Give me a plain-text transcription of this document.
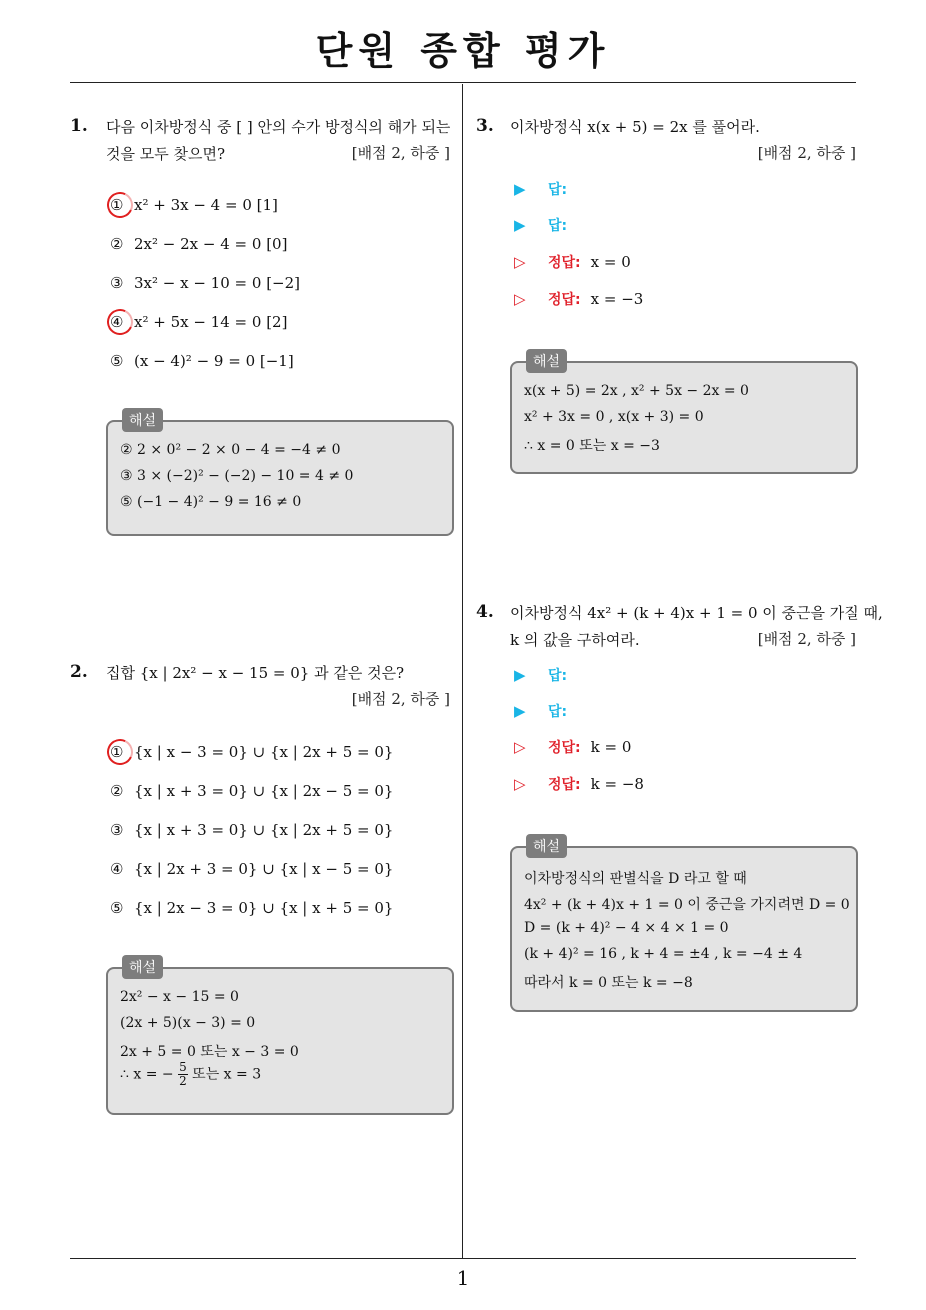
단원 종합 평가
1
1. 다음 이차방정식 중 [ ] 안의 수가 방정식의 해가 되는
것을 모두 찾으면?	[배점 2, 하중 ]
① x² + 3x − 4 = 0 [1]
② 2x² − 2x − 4 = 0 [0]
③ 3x² − x − 10 = 0 [−2]
④ x² + 5x − 14 = 0 [2]
⑤ (x − 4)² − 9 = 0 [−1]
해설
② 2 × 0² − 2 × 0 − 4 = −4 ≠ 0
③ 3 × (−2)² − (−2) − 10 = 4 ≠ 0
⑤ (−1 − 4)² − 9 = 16 ≠ 0
2. 집합 {x | 2x² − x − 15 = 0} 과 같은 것은?
[배점 2, 하중 ]
① {x | x − 3 = 0} ∪ {x | 2x + 5 = 0}
② {x | x + 3 = 0} ∪ {x | 2x − 5 = 0}
③ {x | x + 3 = 0} ∪ {x | 2x + 5 = 0}
④ {x | 2x + 3 = 0} ∪ {x | x − 5 = 0}
⑤ {x | 2x − 3 = 0} ∪ {x | x + 5 = 0}
해설
2x² − x − 15 = 0
(2x + 5)(x − 3) = 0
2x + 5 = 0 또는 x − 3 = 0
∴ x = − $\frac{5}{2}$ 또는 x = 3
3. 이차방정식 x(x + 5) = 2x 를 풀어라.
[배점 2, 하중 ]
▶ 답:
▶ 답:
▷ 정답: x = 0
▷ 정답: x = −3
해설
x(x + 5) = 2x , x² + 5x − 2x = 0
x² + 3x = 0 , x(x + 3) = 0
∴ x = 0 또는 x = −3
4. 이차방정식 4x² + (k + 4)x + 1 = 0 이 중근을 가질 때,
k 의 값을 구하여라.	[배점 2, 하중 ]
▶ 답:
▶ 답:
▷ 정답: k = 0
▷ 정답: k = −8
해설
이차방정식의 판별식을 D 라고 할 때
4x² + (k + 4)x + 1 = 0 이 중근을 가지려면 D = 0
D = (k + 4)² − 4 × 4 × 1 = 0
(k + 4)² = 16 , k + 4 = ±4 , k = −4 ± 4
따라서 k = 0 또는 k = −8
